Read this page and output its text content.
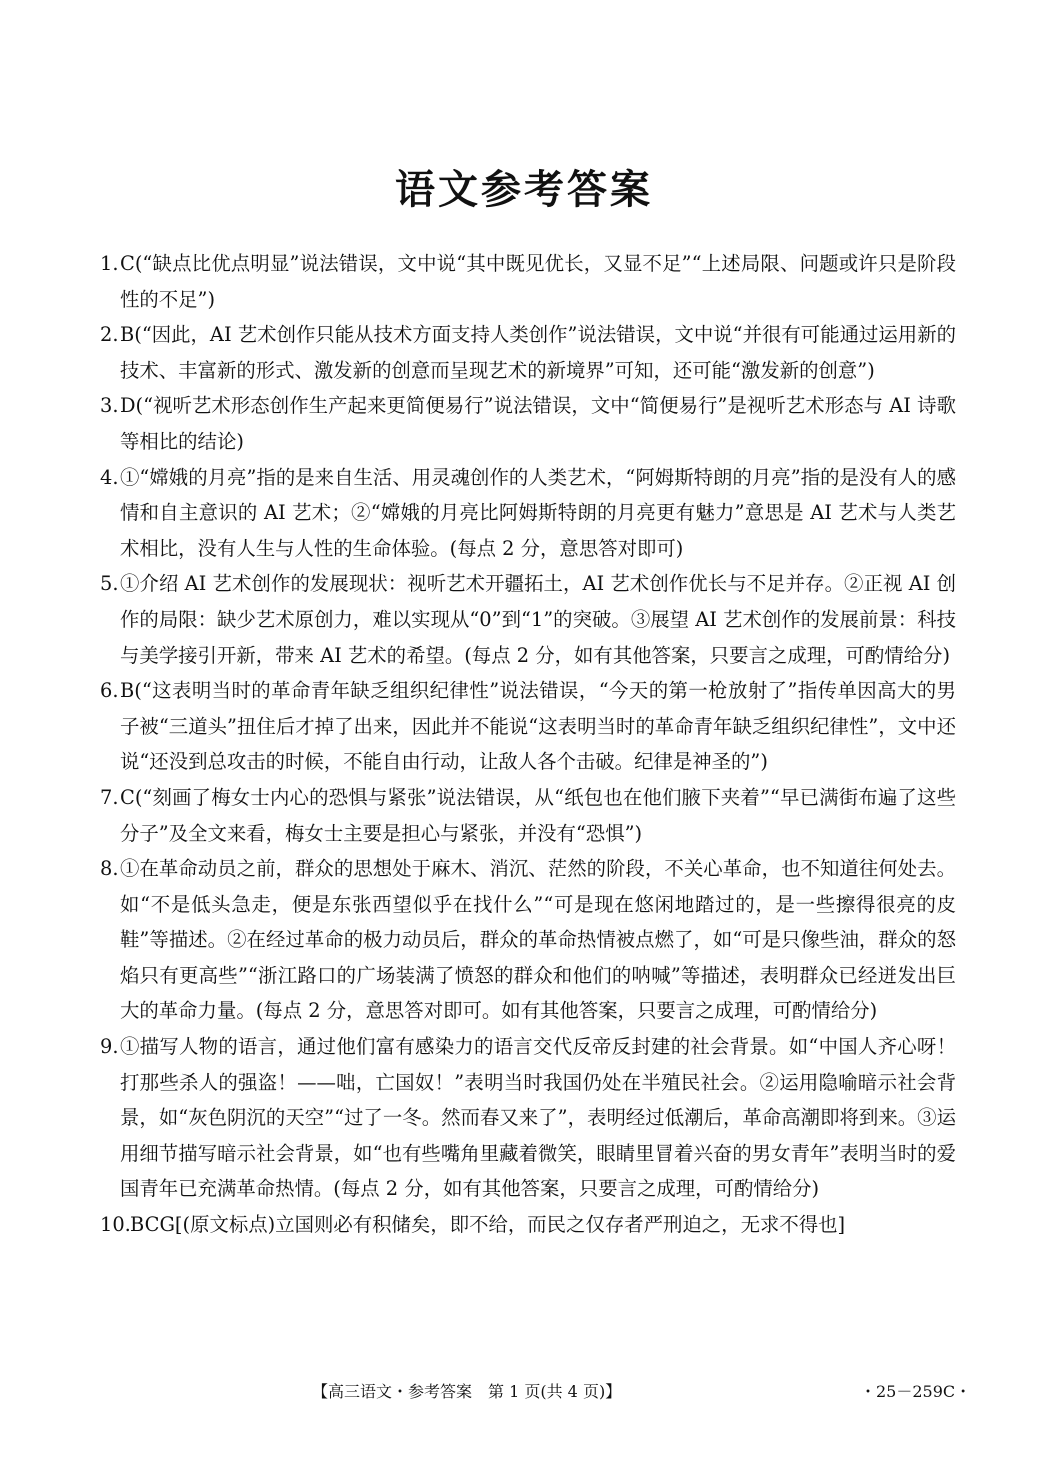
语文参考答案
1. C(“缺点比优点明显”说法错误，文中说“其中既见优长，又显不足”“上述局限、问题或许只是阶段性的不足”)
2. B(“因此，AI 艺术创作只能从技术方面支持人类创作”说法错误，文中说“并很有可能通过运用新的技术、丰富新的形式、激发新的创意而呈现艺术的新境界”可知，还可能“激发新的创意”)
3. D(“视听艺术形态创作生产起来更简便易行”说法错误，文中“简便易行”是视听艺术形态与 AI 诗歌等相比的结论)
4. ①“嫦娥的月亮”指的是来自生活、用灵魂创作的人类艺术，“阿姆斯特朗的月亮”指的是没有人的感情和自主意识的 AI 艺术；②“嫦娥的月亮比阿姆斯特朗的月亮更有魅力”意思是 AI 艺术与人类艺术相比，没有人生与人性的生命体验。(每点 2 分，意思答对即可)
5. ①介绍 AI 艺术创作的发展现状：视听艺术开疆拓土，AI 艺术创作优长与不足并存。②正视 AI 创作的局限：缺少艺术原创力，难以实现从“0”到“1”的突破。③展望 AI 艺术创作的发展前景：科技与美学接引开新，带来 AI 艺术的希望。(每点 2 分，如有其他答案，只要言之成理，可酌情给分)
6. B(“这表明当时的革命青年缺乏组织纪律性”说法错误，“今天的第一枪放射了”指传单因高大的男子被“三道头”扭住后才掉了出来，因此并不能说“这表明当时的革命青年缺乏组织纪律性”，文中还说“还没到总攻击的时候，不能自由行动，让敌人各个击破。纪律是神圣的”)
7. C(“刻画了梅女士内心的恐惧与紧张”说法错误，从“纸包也在他们腋下夹着”“早已满街布遍了这些分子”及全文来看，梅女士主要是担心与紧张，并没有“恐惧”)
8. ①在革命动员之前，群众的思想处于麻木、消沉、茫然的阶段，不关心革命，也不知道往何处去。如“不是低头急走，便是东张西望似乎在找什么”“可是现在悠闲地踏过的，是一些擦得很亮的皮鞋”等描述。②在经过革命的极力动员后，群众的革命热情被点燃了，如“可是只像些油，群众的怒焰只有更高些”“浙江路口的广场装满了愤怒的群众和他们的呐喊”等描述，表明群众已经迸发出巨大的革命力量。(每点 2 分，意思答对即可。如有其他答案，只要言之成理，可酌情给分)
9. ①描写人物的语言，通过他们富有感染力的语言交代反帝反封建的社会背景。如“中国人齐心呀！打那些杀人的强盗！——咄，亡国奴！”表明当时我国仍处在半殖民社会。②运用隐喻暗示社会背景，如“灰色阴沉的天空”“过了一冬。然而春又来了”，表明经过低潮后，革命高潮即将到来。③运用细节描写暗示社会背景，如“也有些嘴角里藏着微笑，眼睛里冒着兴奋的男女青年”表明当时的爱国青年已充满革命热情。(每点 2 分，如有其他答案，只要言之成理，可酌情给分)
10. BCG[(原文标点)立国则必有积储矣，即不给，而民之仅存者严刑迫之，无求不得也]
【高三语文・参考答案　第 1 页(共 4 页)】	・25－259C・
